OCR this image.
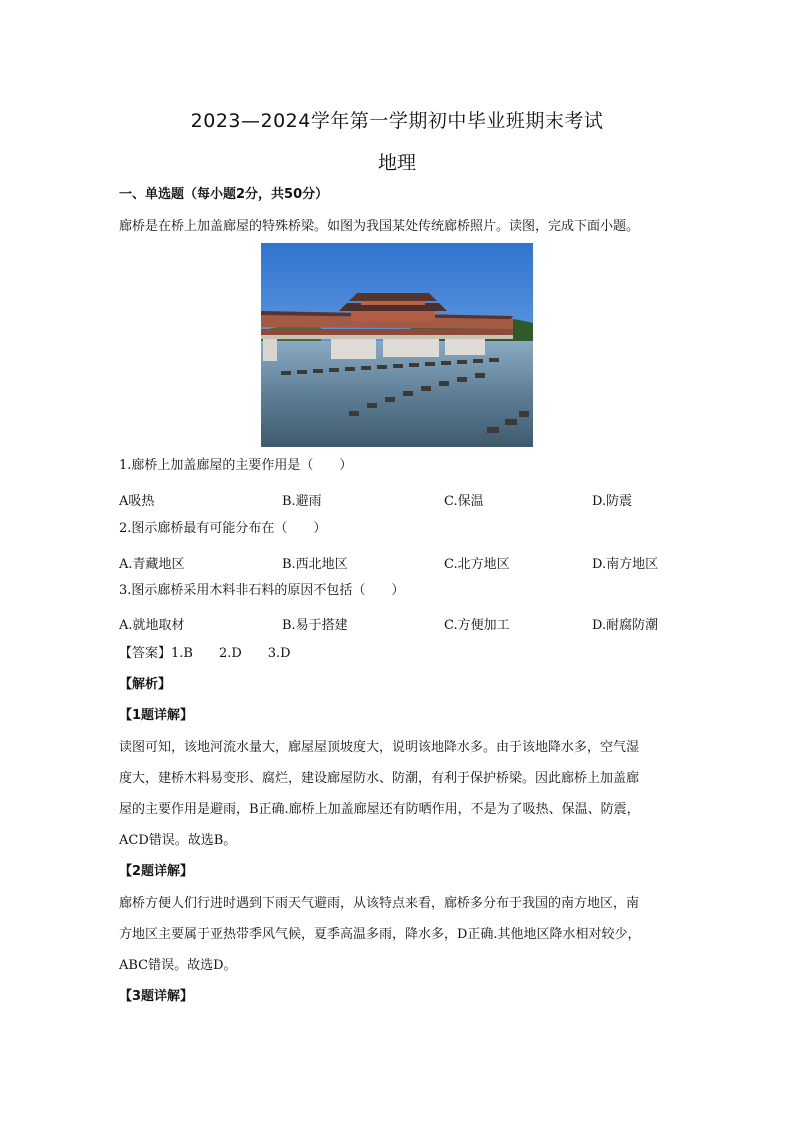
2023—2024学年第一学期初中毕业班期末考试
地理
一、单选题（每小题2分，共50分）
廊桥是在桥上加盖廊屋的特殊桥梁。如图为我国某处传统廊桥照片。读图，完成下面小题。
1.廊桥上加盖廊屋的主要作用是（　　）
A吸热	B.避雨	C.保温	D.防震
2.图示廊桥最有可能分布在（　　）
A.青藏地区	B.西北地区	C.北方地区	D.南方地区
3.图示廊桥采用木料非石料的原因不包括（　　）
A.就地取材	B.易于搭建	C.方便加工	D.耐腐防潮
【答案】1.B　　2.D　　3.D
【解析】
【1题详解】
读图可知，该地河流水量大，廊屋屋顶坡度大，说明该地降水多。由于该地降水多，空气湿
度大，建桥木料易变形、腐烂，建设廊屋防水、防潮，有利于保护桥梁。因此廊桥上加盖廊
屋的主要作用是避雨，B正确.廊桥上加盖廊屋还有防晒作用，不是为了吸热、保温、防震，
ACD错误。故选B。
【2题详解】
廊桥方便人们行进时遇到下雨天气避雨，从该特点来看，廊桥多分布于我国的南方地区，南
方地区主要属于亚热带季风气候，夏季高温多雨，降水多，D正确.其他地区降水相对较少，
ABC错误。故选D。
【3题详解】
